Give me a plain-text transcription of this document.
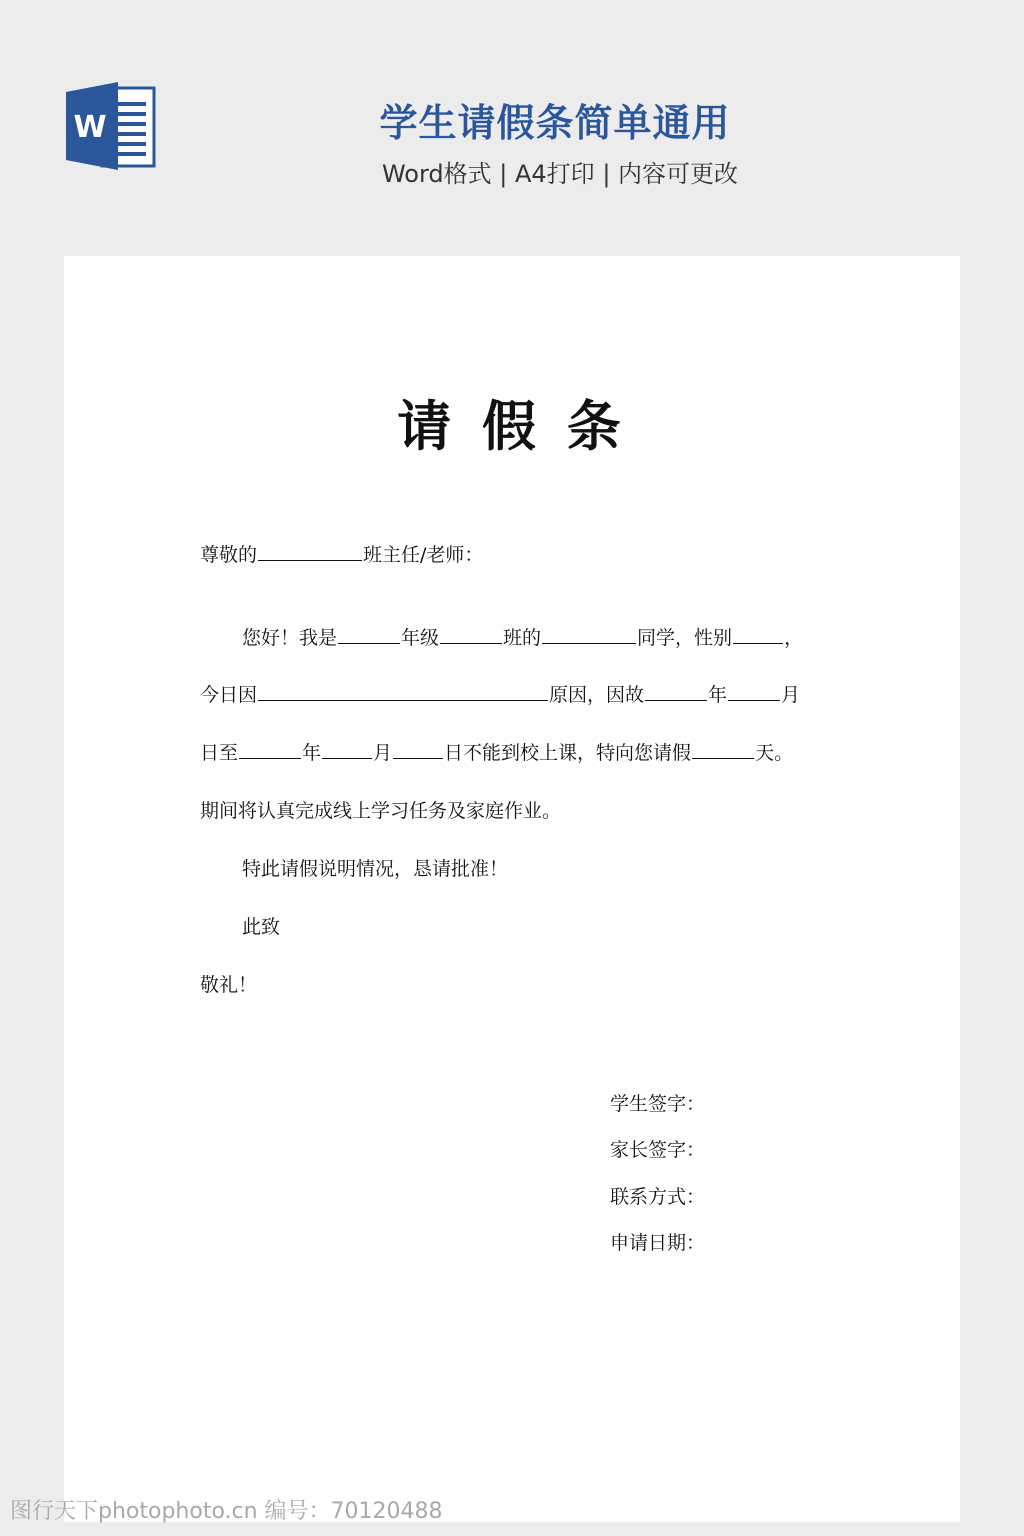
W	学生请假条简单通用
Word格式 | A4打印 | 内容可更改
请 假 条
尊敬的	班主任/老师：
您好！我是	年级	班的	同学，性别	，
今日因	原因，因故	年	月
日至	年	月	日不能到校上课，特向您请假	天。
期间将认真完成线上学习任务及家庭作业。
特此请假说明情况，恳请批准！
此致
敬礼！
学生签字：
家长签字：
联系方式：
申请日期：
图行天下photophoto.cn 编号：70120488
